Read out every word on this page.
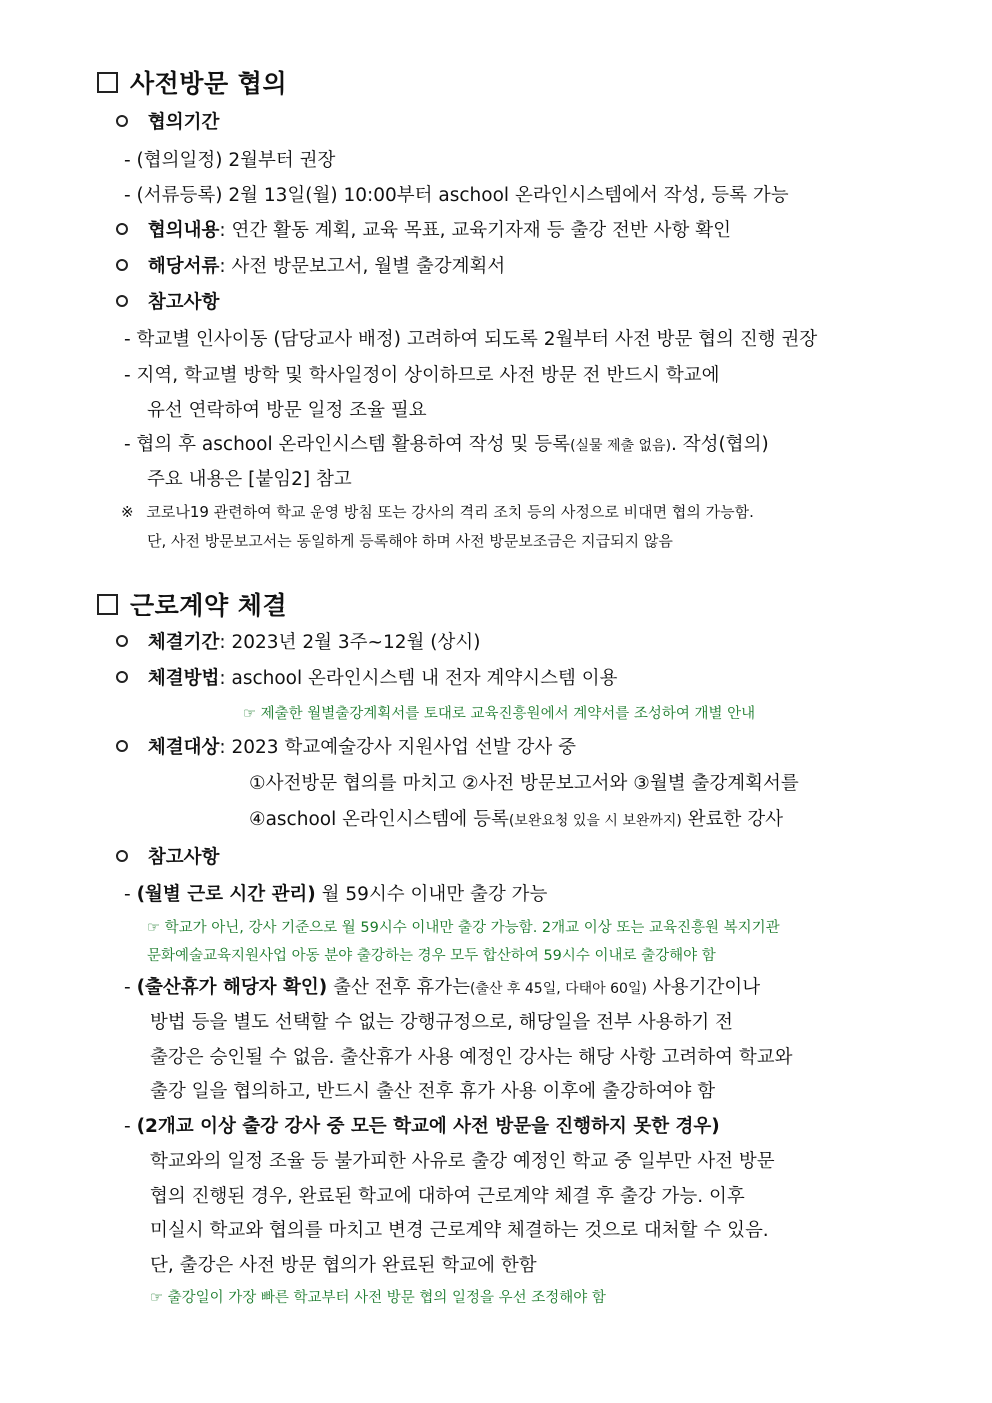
사전방문 협의
협의기간
- (협의일정) 2월부터 권장
- (서류등록) 2월 13일(월) 10:00부터 aschool 온라인시스템에서 작성, 등록 가능
협의내용: 연간 활동 계획, 교육 목표, 교육기자재 등 출강 전반 사항 확인
해당서류: 사전 방문보고서, 월별 출강계획서
참고사항
- 학교별 인사이동 (담당교사 배정) 고려하여 되도록 2월부터 사전 방문 협의 진행 권장
- 지역, 학교별 방학 및 학사일정이 상이하므로 사전 방문 전 반드시 학교에
유선 연락하여 방문 일정 조율 필요
- 협의 후 aschool 온라인시스템 활용하여 작성 및 등록(실물 제출 없음). 작성(협의)
주요 내용은 [붙임2] 참고
※ 코로나19 관련하여 학교 운영 방침 또는 강사의 격리 조치 등의 사정으로 비대면 협의 가능함.
단, 사전 방문보고서는 동일하게 등록해야 하며 사전 방문보조금은 지급되지 않음
근로계약 체결
체결기간: 2023년 2월 3주~12월 (상시)
체결방법: aschool 온라인시스템 내 전자 계약시스템 이용
☞ 제출한 월별출강계획서를 토대로 교육진흥원에서 계약서를 조성하여 개별 안내
체결대상: 2023 학교예술강사 지원사업 선발 강사 중
①사전방문 협의를 마치고 ②사전 방문보고서와 ③월별 출강계획서를
④aschool 온라인시스템에 등록(보완요청 있을 시 보완까지) 완료한 강사
참고사항
- (월별 근로 시간 관리) 월 59시수 이내만 출강 가능
☞ 학교가 아닌, 강사 기준으로 월 59시수 이내만 출강 가능함. 2개교 이상 또는 교육진흥원 복지기관
문화예술교육지원사업 아동 분야 출강하는 경우 모두 합산하여 59시수 이내로 출강해야 함
- (출산휴가 해당자 확인) 출산 전후 휴가는(출산 후 45일, 다태아 60일) 사용기간이나
방법 등을 별도 선택할 수 없는 강행규정으로, 해당일을 전부 사용하기 전
출강은 승인될 수 없음. 출산휴가 사용 예정인 강사는 해당 사항 고려하여 학교와
출강 일을 협의하고, 반드시 출산 전후 휴가 사용 이후에 출강하여야 함
- (2개교 이상 출강 강사 중 모든 학교에 사전 방문을 진행하지 못한 경우)
학교와의 일정 조율 등 불가피한 사유로 출강 예정인 학교 중 일부만 사전 방문
협의 진행된 경우, 완료된 학교에 대하여 근로계약 체결 후 출강 가능. 이후
미실시 학교와 협의를 마치고 변경 근로계약 체결하는 것으로 대처할 수 있음.
단, 출강은 사전 방문 협의가 완료된 학교에 한함
☞ 출강일이 가장 빠른 학교부터 사전 방문 협의 일정을 우선 조정해야 함
